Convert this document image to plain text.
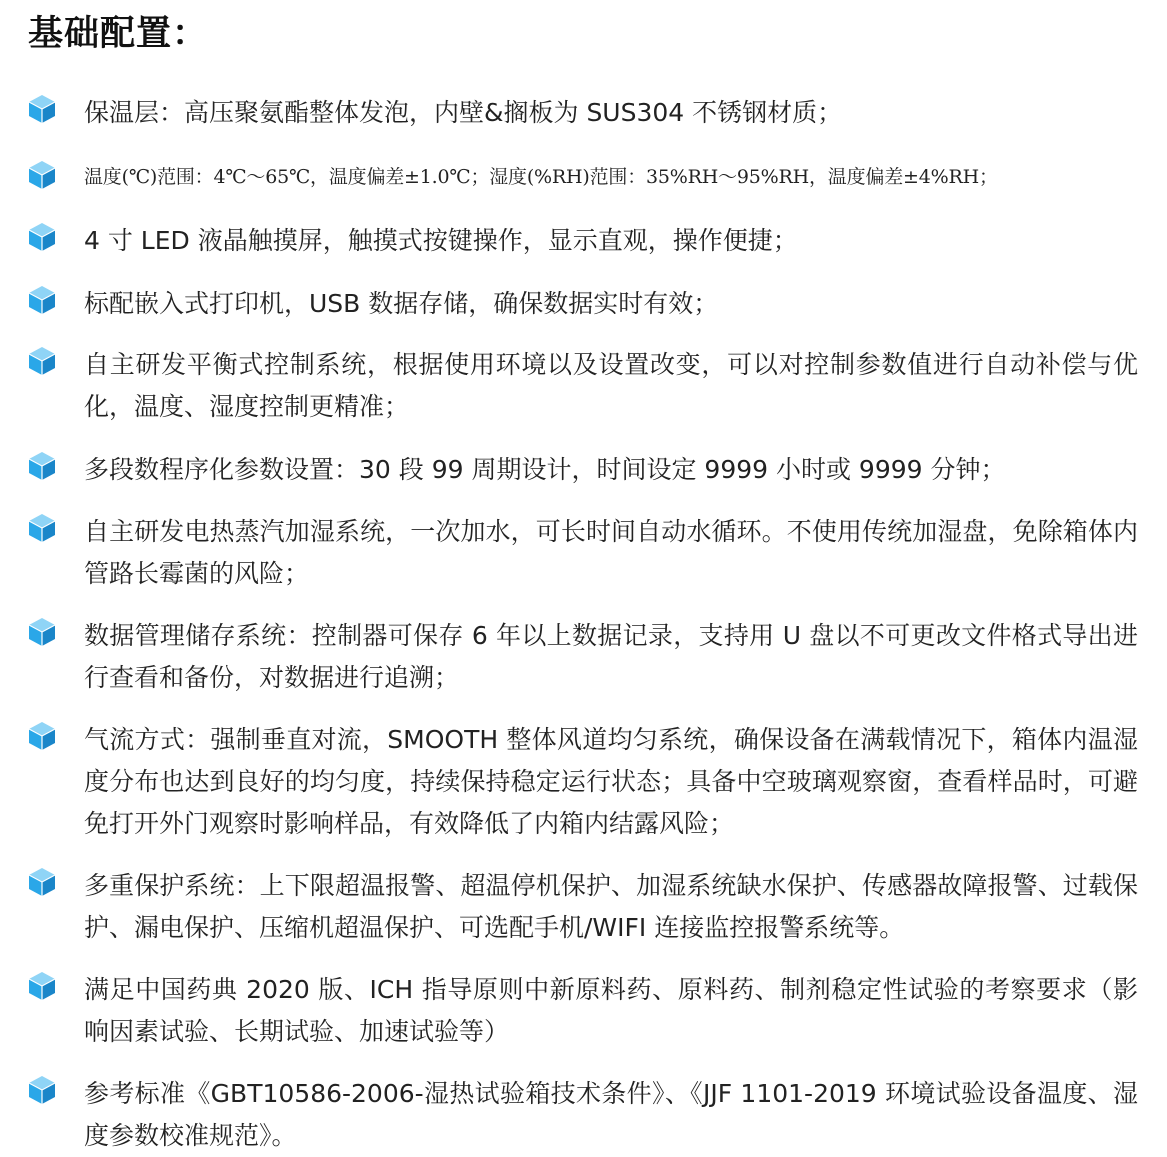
基础配置：
保温层：高压聚氨酯整体发泡，内壁&搁板为 SUS304 不锈钢材质；
温度(℃)范围：4℃～65℃，温度偏差±1.0℃；湿度(%RH)范围：35%RH～95%RH，温度偏差±4%RH；
4 寸 LED 液晶触摸屏，触摸式按键操作，显示直观，操作便捷；
标配嵌入式打印机，USB 数据存储，确保数据实时有效；
自主研发平衡式控制系统，根据使用环境以及设置改变，可以对控制参数值进行自动补偿与优化，温度、湿度控制更精准；
多段数程序化参数设置：30 段 99 周期设计，时间设定 9999 小时或 9999 分钟；
自主研发电热蒸汽加湿系统，一次加水，可长时间自动水循环。不使用传统加湿盘，免除箱体内管路长霉菌的风险；
数据管理储存系统：控制器可保存 6 年以上数据记录，支持用 U 盘以不可更改文件格式导出进行查看和备份，对数据进行追溯；
气流方式：强制垂直对流，SMOOTH 整体风道均匀系统，确保设备在满载情况下，箱体内温湿度分布也达到良好的均匀度，持续保持稳定运行状态；具备中空玻璃观察窗，查看样品时，可避免打开外门观察时影响样品，有效降低了内箱内结露风险；
多重保护系统：上下限超温报警、超温停机保护、加湿系统缺水保护、传感器故障报警、过载保护、漏电保护、压缩机超温保护、可选配手机/WIFI 连接监控报警系统等。
满足中国药典 2020 版、ICH 指导原则中新原料药、原料药、制剂稳定性试验的考察要求（影响因素试验、长期试验、加速试验等）
参考标准《GBT10586-2006-湿热试验箱技术条件》、《JJF 1101-2019 环境试验设备温度、湿度参数校准规范》。
